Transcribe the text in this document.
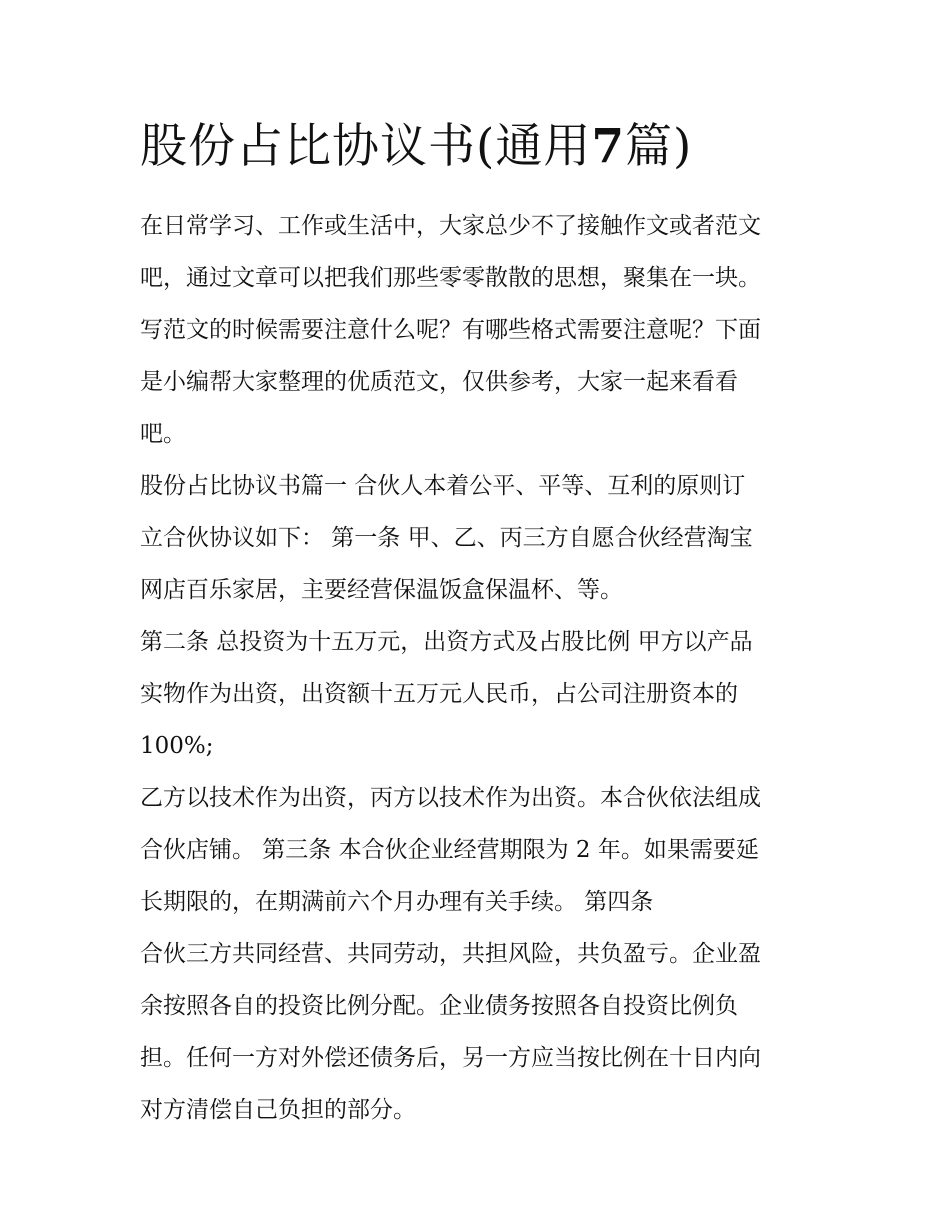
股份占比协议书(通用7篇)
在日常学习、工作或生活中，大家总少不了接触作文或者范文
吧，通过文章可以把我们那些零零散散的思想，聚集在一块。
写范文的时候需要注意什么呢？有哪些格式需要注意呢？下面
是小编帮大家整理的优质范文，仅供参考，大家一起来看看
吧。
股份占比协议书篇一 合伙人本着公平、平等、互利的原则订
立合伙协议如下： 第一条 甲、乙、丙三方自愿合伙经营淘宝
网店百乐家居，主要经营保温饭盒保温杯、等。
第二条 总投资为十五万元，出资方式及占股比例 甲方以产品
实物作为出资，出资额十五万元人民币，占公司注册资本的
100%;
乙方以技术作为出资，丙方以技术作为出资。本合伙依法组成
合伙店铺。 第三条 本合伙企业经营期限为 2 年。如果需要延
长期限的，在期满前六个月办理有关手续。 第四条
合伙三方共同经营、共同劳动，共担风险，共负盈亏。企业盈
余按照各自的投资比例分配。企业债务按照各自投资比例负
担。任何一方对外偿还债务后，另一方应当按比例在十日内向
对方清偿自己负担的部分。
